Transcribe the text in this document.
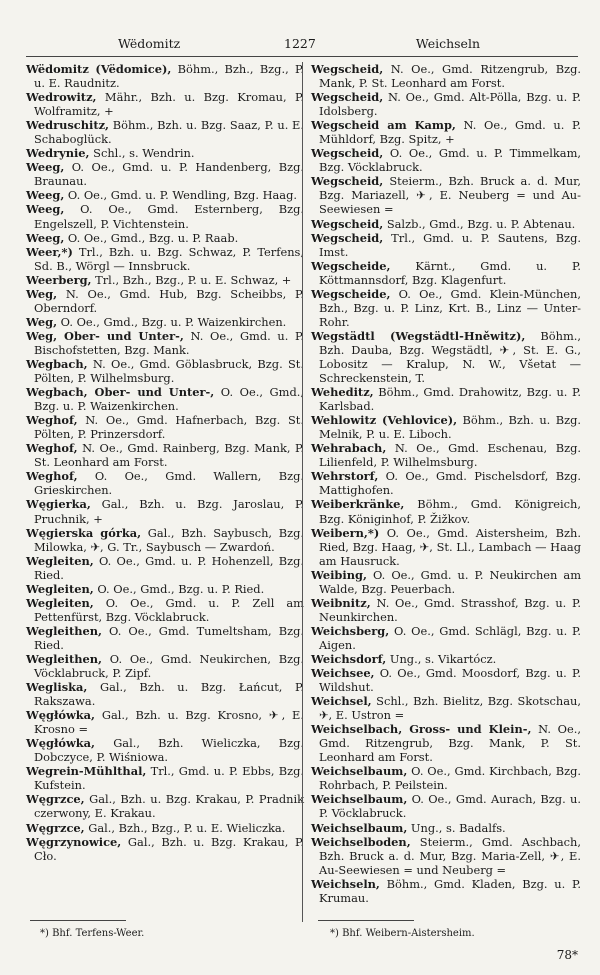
Wëdomitz	1227	Weichseln
Wëdomitz (Vëdomice), Böhm., Bzh., Bzg., P. u. E. Raudnitz.
Wedrowitz, Mähr., Bzh. u. Bzg. Kromau, P. Wolframitz, +
Wedruschitz, Böhm., Bzh. u. Bzg. Saaz, P. u. E. Schaboglück.
Wedrynie, Schl., s. Wendrin.
Weeg, O. Oe., Gmd. u. P. Handenberg, Bzg. Braunau.
Weeg, O. Oe., Gmd. u. P. Wendling, Bzg. Haag.
Weeg, O. Oe., Gmd. Esternberg, Bzg. Engelszell, P. Vichtenstein.
Weeg, O. Oe., Gmd., Bzg. u. P. Raab.
Weer,*) Trl., Bzh. u. Bzg. Schwaz, P. Terfens, Sd. B., Wörgl — Innsbruck.
Weerberg, Trl., Bzh., Bzg., P. u. E. Schwaz, +
Weg, N. Oe., Gmd. Hub, Bzg. Scheibbs, P. Oberndorf.
Weg, O. Oe., Gmd., Bzg. u. P. Waizenkirchen.
Weg, Ober- und Unter-, N. Oe., Gmd. u. P. Bischofstetten, Bzg. Mank.
Wegbach, N. Oe., Gmd. Göblasbruck, Bzg. St. Pölten, P. Wilhelmsburg.
Wegbach, Ober- und Unter-, O. Oe., Gmd., Bzg. u. P. Waizenkirchen.
Weghof, N. Oe., Gmd. Hafnerbach, Bzg. St. Pölten, P. Prinzersdorf.
Weghof, N. Oe., Gmd. Rainberg, Bzg. Mank, P. St. Leonhard am Forst.
Weghof, O. Oe., Gmd. Wallern, Bzg. Grieskirchen.
Węgierka, Gal., Bzh. u. Bzg. Jaroslau, P. Pruchnik, +
Węgierska górka, Gal., Bzh. Saybusch, Bzg. Milowka, ✈, G. Tr., Saybusch — Zwardoń.
Wegleiten, O. Oe., Gmd. u. P. Hohenzell, Bzg. Ried.
Wegleiten, O. Oe., Gmd., Bzg. u. P. Ried.
Wegleiten, O. Oe., Gmd. u. P. Zell am Pettenfürst, Bzg. Vöcklabruck.
Wegleithen, O. Oe., Gmd. Tumeltsham, Bzg. Ried.
Wegleithen, O. Oe., Gmd. Neukirchen, Bzg. Vöcklabruck, P. Zipf.
Wegliska, Gal., Bzh. u. Bzg. Łańcut, P. Rakszawa.
Węgłówka, Gal., Bzh. u. Bzg. Krosno, ✈, E. Krosno =
Węgłówka, Gal., Bzh. Wieliczka, Bzg. Dobczyce, P. Wiśniowa.
Wegrein-Mühlthal, Trl., Gmd. u. P. Ebbs, Bzg. Kufstein.
Węgrzce, Gal., Bzh. u. Bzg. Krakau, P. Pradnik czerwony, E. Krakau.
Węgrzce, Gal., Bzh., Bzg., P. u. E. Wieliczka.
Węgrzynowice, Gal., Bzh. u. Bzg. Krakau, P. Cło.
Wegscheid, N. Oe., Gmd. Ritzengrub, Bzg. Mank, P. St. Leonhard am Forst.
Wegscheid, N. Oe., Gmd. Alt-Pölla, Bzg. u. P. Idolsberg.
Wegscheid am Kamp, N. Oe., Gmd. u. P. Mühldorf, Bzg. Spitz, +
Wegscheid, O. Oe., Gmd. u. P. Timmelkam, Bzg. Vöcklabruck.
Wegscheid, Steierm., Bzh. Bruck a. d. Mur, Bzg. Mariazell, ✈, E. Neuberg = und Au-Seewiesen =
Wegscheid, Salzb., Gmd., Bzg. u. P. Abtenau.
Wegscheid, Trl., Gmd. u. P. Sautens, Bzg. Imst.
Wegscheide, Kärnt., Gmd. u. P. Köttmannsdorf, Bzg. Klagenfurt.
Wegscheide, O. Oe., Gmd. Klein-München, Bzh., Bzg. u. P. Linz, Krt. B., Linz — Unter-Rohr.
Wegstädtl (Wegstädtl-Hněwitz), Böhm., Bzh. Dauba, Bzg. Wegstädtl, ✈, St. E. G., Lobositz — Kralup, N. W., Všetat — Schreckenstein, T.
Weheditz, Böhm., Gmd. Drahowitz, Bzg. u. P. Karlsbad.
Wehlowitz (Vehlovice), Böhm., Bzh. u. Bzg. Melnik, P. u. E. Liboch.
Wehrabach, N. Oe., Gmd. Eschenau, Bzg. Lilienfeld, P. Wilhelmsburg.
Wehrstorf, O. Oe., Gmd. Pischelsdorf, Bzg. Mattighofen.
Weiberkränke, Böhm., Gmd. Königreich, Bzg. Königinhof, P. Žižkov.
Weibern,*) O. Oe., Gmd. Aistersheim, Bzh. Ried, Bzg. Haag, ✈, St. Ll., Lambach — Haag am Hausruck.
Weibing, O. Oe., Gmd. u. P. Neukirchen am Walde, Bzg. Peuerbach.
Weibnitz, N. Oe., Gmd. Strasshof, Bzg. u. P. Neunkirchen.
Weichsberg, O. Oe., Gmd. Schlägl, Bzg. u. P. Aigen.
Weichsdorf, Ung., s. Vikartócz.
Weichsee, O. Oe., Gmd. Moosdorf, Bzg. u. P. Wildshut.
Weichsel, Schl., Bzh. Bielitz, Bzg. Skotschau, ✈, E. Ustron =
Weichselbach, Gross- und Klein-, N. Oe., Gmd. Ritzengrub, Bzg. Mank, P. St. Leonhard am Forst.
Weichselbaum, O. Oe., Gmd. Kirchbach, Bzg. Rohrbach, P. Peilstein.
Weichselbaum, O. Oe., Gmd. Aurach, Bzg. u. P. Vöcklabruck.
Weichselbaum, Ung., s. Badalfs.
Weichselboden, Steierm., Gmd. Aschbach, Bzh. Bruck a. d. Mur, Bzg. Maria-Zell, ✈, E. Au-Seewiesen = und Neuberg =
Weichseln, Böhm., Gmd. Kladen, Bzg. u. P. Krumau.
*) Bhf. Terfens-Weer.	*) Bhf. Weibern-Aistersheim.
78*
